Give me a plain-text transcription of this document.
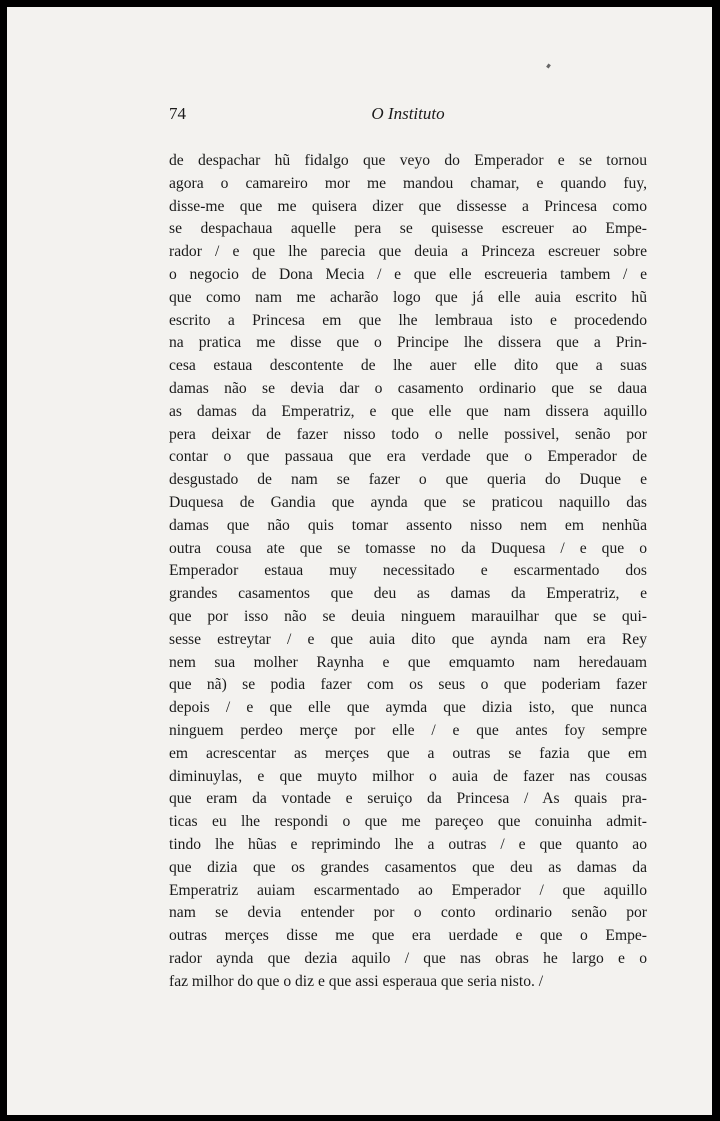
74	O Instituto
de despachar hũ fidalgo que veyo do Emperador e se tornou
agora o camareiro mor me mandou chamar, e quando fuy,
disse-me que me quisera dizer que dissesse a Princesa como
se despachaua aquelle pera se quisesse escreuer ao Empe-
rador / e que lhe parecia que deuia a Princeza escreuer sobre
o negocio de Dona Mecia / e que elle escreueria tambem / e
que como nam me acharão logo que já elle auia escrito hũ
escrito a Princesa em que lhe lembraua isto e procedendo
na pratica me disse que o Principe lhe dissera que a Prin-
cesa estaua descontente de lhe auer elle dito que a suas
damas não se devia dar o casamento ordinario que se daua
as damas da Emperatriz, e que elle que nam dissera aquillo
pera deixar de fazer nisso todo o nelle possivel, senão por
contar o que passaua que era verdade que o Emperador de
desgustado de nam se fazer o que queria do Duque e
Duquesa de Gandia que aynda que se praticou naquillo das
damas que não quis tomar assento nisso nem em nenhũa
outra cousa ate que se tomasse no da Duquesa / e que o
Emperador estaua muy necessitado e escarmentado dos
grandes casamentos que deu as damas da Emperatriz, e
que por isso não se deuia ninguem marauilhar que se qui-
sesse estreytar / e que auia dito que aynda nam era Rey
nem sua molher Raynha e que emquamto nam heredauam
que nã) se podia fazer com os seus o que poderiam fazer
depois / e que elle que aymda que dizia isto, que nunca
ninguem perdeo merçe por elle / e que antes foy sempre
em acrescentar as merçes que a outras se fazia que em
diminuylas, e que muyto milhor o auia de fazer nas cousas
que eram da vontade e seruiço da Princesa / As quais pra-
ticas eu lhe respondi o que me pareçeo que conuinha admit-
tindo lhe hũas e reprimindo lhe a outras / e que quanto ao
que dizia que os grandes casamentos que deu as damas da
Emperatriz auiam escarmentado ao Emperador / que aquillo
nam se devia entender por o conto ordinario senão por
outras merçes disse me que era uerdade e que o Empe-
rador aynda que dezia aquilo / que nas obras he largo e o
faz milhor do que o diz e que assi esperaua que seria nisto. /
